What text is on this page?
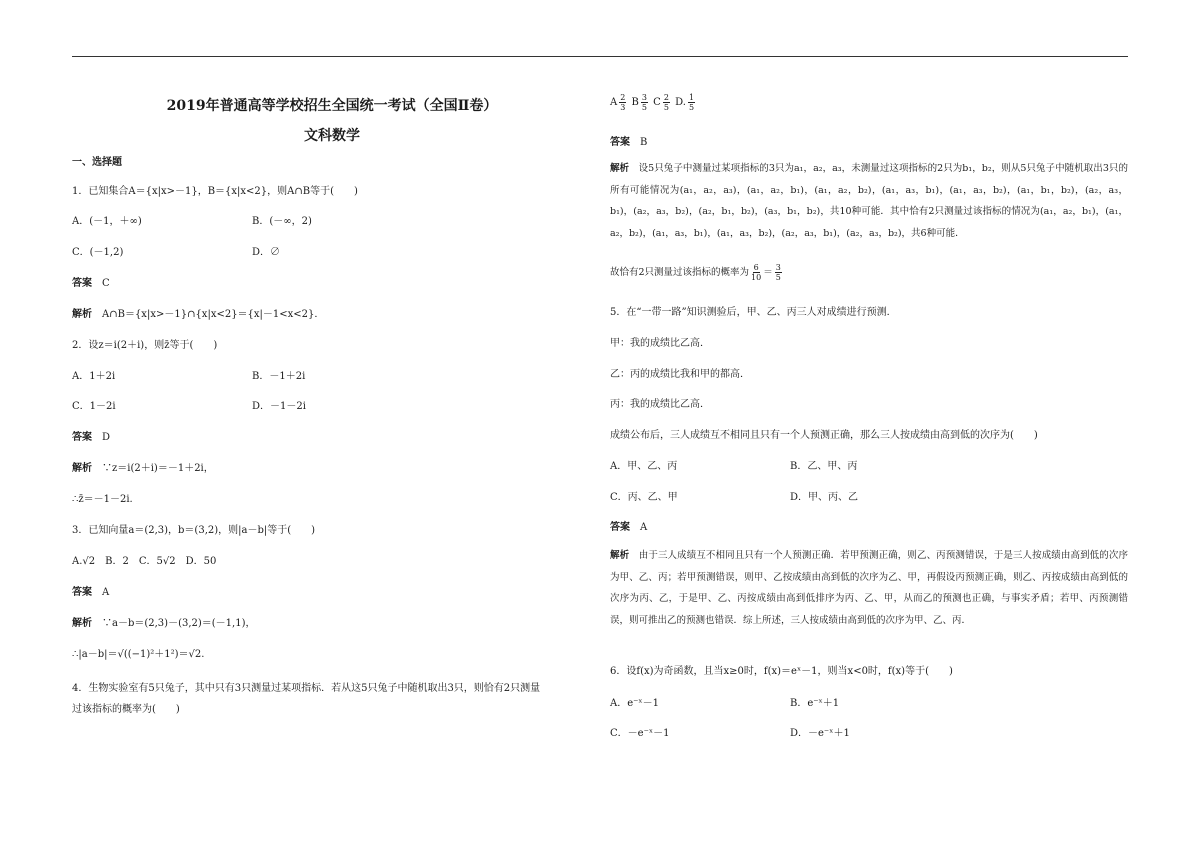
2019年普通高等学校招生全国统一考试（全国Ⅱ卷）
文科数学
一、选择题
1．已知集合A＝{x|x>－1}，B＝{x|x<2}，则A∩B等于(　　)
A．(－1，＋∞)	B．(－∞，2)
C．(－1,2)	D．∅
答案　 C
解析　 A∩B＝{x|x>－1}∩{x|x<2}＝{x|－1<x<2}．
2．设z＝i(2＋i)，则z̄等于(　　)
A．1＋2i	B．－1＋2i
C．1－2i	D．－1－2i
答案　 D
解析　 ∵z＝i(2＋i)＝－1＋2i，
∴z̄＝－1－2i.
3．已知向量a＝(2,3)，b＝(3,2)，则|a－b|等于(　　)
A.√2　B．2　C．5√2　D．50
答案　 A
解析　 ∵a－b＝(2,3)－(3,2)＝(－1,1)，
∴|a－b|＝√((−1)²＋1²)＝√2.
4．生物实验室有5只兔子，其中只有3只测量过某项指标．若从这5只兔子中随机取出3只，则恰有2只测量
过该指标的概率为(　　)
A $\frac{2}{3}$ B $\frac{3}{5}$ C $\frac{2}{5} D$. $\frac{1}{5}$
答案　 B
解析　 设5只兔子中测量过某项指标的3只为a₁，a₂，a₃，未测量过这项指标的2只为b₁，b₂，则从5只兔子中随机取出3只的所有可能情况为(a₁，a₂，a₃)，(a₁，a₂，b₁)，(a₁，a₂，b₂)，(a₁，a₃，b₁)，(a₁，a₃，b₂)，(a₁，b₁，b₂)，(a₂，a₃，b₁)，(a₂，a₃，b₂)，(a₂，b₁，b₂)，(a₃，b₁，b₂)，共10种可能．其中恰有2只测量过该指标的情况为(a₁，a₂，b₁)，(a₁，a₂，b₂)，(a₁，a₃，b₁)，(a₁，a₃，b₂)，(a₂，a₃，b₁)，(a₂，a₃，b₂)，共6种可能．
故恰有2只测量过该指标的概率为 $\frac{6}{10} = \frac{3}{5}$
5．在“一带一路”知识测验后，甲、乙、丙三人对成绩进行预测．
甲：我的成绩比乙高．
乙：丙的成绩比我和甲的都高．
丙：我的成绩比乙高．
成绩公布后，三人成绩互不相同且只有一个人预测正确，那么三人按成绩由高到低的次序为(　　)
A．甲、乙、丙	B．乙、甲、丙
C．丙、乙、甲	D．甲、丙、乙
答案　 A
解析　 由于三人成绩互不相同且只有一个人预测正确．若甲预测正确，则乙、丙预测错误，于是三人按成绩由高到低的次序为甲、乙、丙；若甲预测错误，则甲、乙按成绩由高到低的次序为乙、甲，再假设丙预测正确，则乙、丙按成绩由高到低的次序为丙、乙，于是甲、乙、丙按成绩由高到低排序为丙、乙、甲，从而乙的预测也正确，与事实矛盾；若甲、丙预测错误，则可推出乙的预测也错误．综上所述，三人按成绩由高到低的次序为甲、乙、丙．
6．设f(x)为奇函数，且当x≥0时，f(x)＝eˣ－1，则当x<0时，f(x)等于(　　)
A．e⁻ˣ－1	B．e⁻ˣ＋1
C．－e⁻ˣ－1	D．－e⁻ˣ＋1
